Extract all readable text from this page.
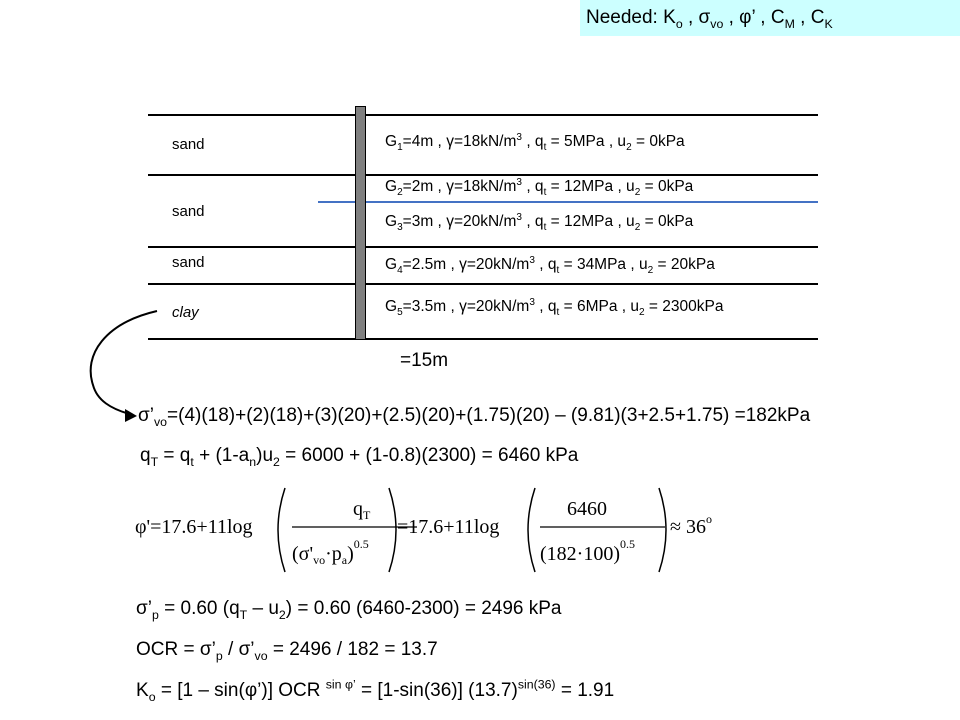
Needed: $K_o$ , $\sigma_{vo}$ , φ’ , $C_M$ , $C_K$
sand
sand
sand
clay
$G_1=4m$ , $\gamma=18kN/m^3$ , $q_t = 5MPa$ , $u_2 = 0kPa$
$G_2=2m$ , $\gamma=18kN/m^3$ , $q_t = 12MPa$ , $u_2 = 0kPa$
$G_3=3m$ , $\gamma=20kN/m^3$ , $q_t = 12MPa$ , $u_2 = 0kPa$
$G_4=2.5m$ , $\gamma=20kN/m^3$ , $q_t = 34MPa$ , $u_2 = 20kPa$
$G_5=3.5m$ , $\gamma=20kN/m^3$ , $q_t = 6MPa$ , $u_2 = 2300kPa$
=15m
$\sigma’_{vo}=(4)(18)+(2)(18)+(3)(20)+(2.5)(20)+(1.75)(20) - (9.81)(3+2.5+1.75) =182kPa$
$q_T = q_t + (1-a_n)u_2 = 6000 + (1-0.8)(2300) = 6460$ kPa
φ'=17.6+11log
$q_T$
$(\sigma'_{vo}\cdot p_a)^{0.5}$
=17.6+11log
6460
$(182\cdot 100)^{0.5}$
≈ $36^o$
$\sigma’_p = 0.60$ $(q_T - u_2) = 0.60$ (6460-2300) = 2496 kPa
OCR = $\sigma’_p$ / $\sigma’_{vo} = 2496 / 182 = 13.7$
$K_o = [1$ – sin(φ’)] OCR $^{sin \varphi’}$ = [1-sin(36)] $(13.7)^{sin(36)} = 1.91$
